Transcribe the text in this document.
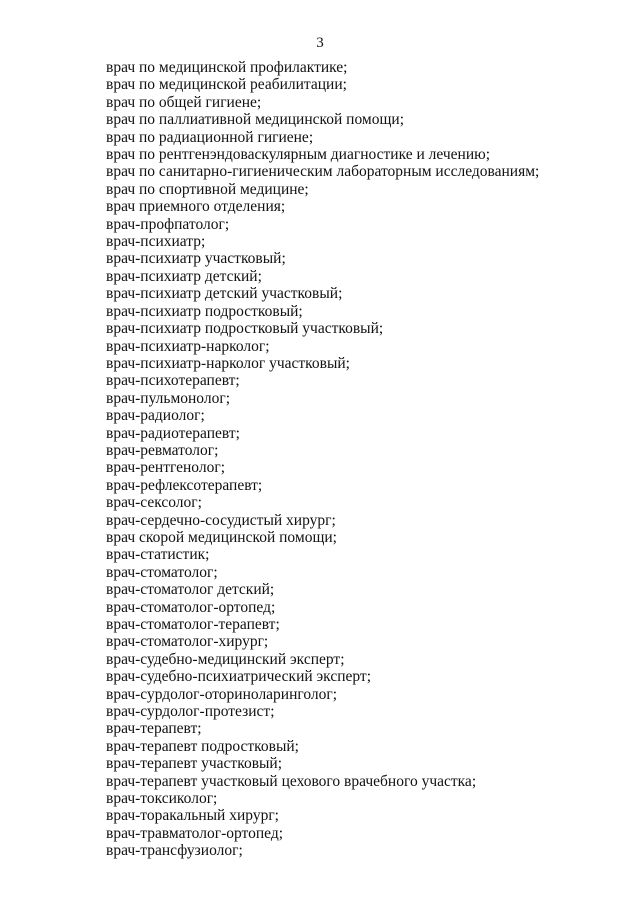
3
врач по медицинской профилактике;
врач по медицинской реабилитации;
врач по общей гигиене;
врач по паллиативной медицинской помощи;
врач по радиационной гигиене;
врач по рентгенэндоваскулярным диагностике и лечению;
врач по санитарно-гигиеническим лабораторным исследованиям;
врач по спортивной медицине;
врач приемного отделения;
врач-профпатолог;
врач-психиатр;
врач-психиатр участковый;
врач-психиатр детский;
врач-психиатр детский участковый;
врач-психиатр подростковый;
врач-психиатр подростковый участковый;
врач-психиатр-нарколог;
врач-психиатр-нарколог участковый;
врач-психотерапевт;
врач-пульмонолог;
врач-радиолог;
врач-радиотерапевт;
врач-ревматолог;
врач-рентгенолог;
врач-рефлексотерапевт;
врач-сексолог;
врач-сердечно-сосудистый хирург;
врач скорой медицинской помощи;
врач-статистик;
врач-стоматолог;
врач-стоматолог детский;
врач-стоматолог-ортопед;
врач-стоматолог-терапевт;
врач-стоматолог-хирург;
врач-судебно-медицинский эксперт;
врач-судебно-психиатрический эксперт;
врач-сурдолог-оториноларинголог;
врач-сурдолог-протезист;
врач-терапевт;
врач-терапевт подростковый;
врач-терапевт участковый;
врач-терапевт участковый цехового врачебного участка;
врач-токсиколог;
врач-торакальный хирург;
врач-травматолог-ортопед;
врач-трансфузиолог;
